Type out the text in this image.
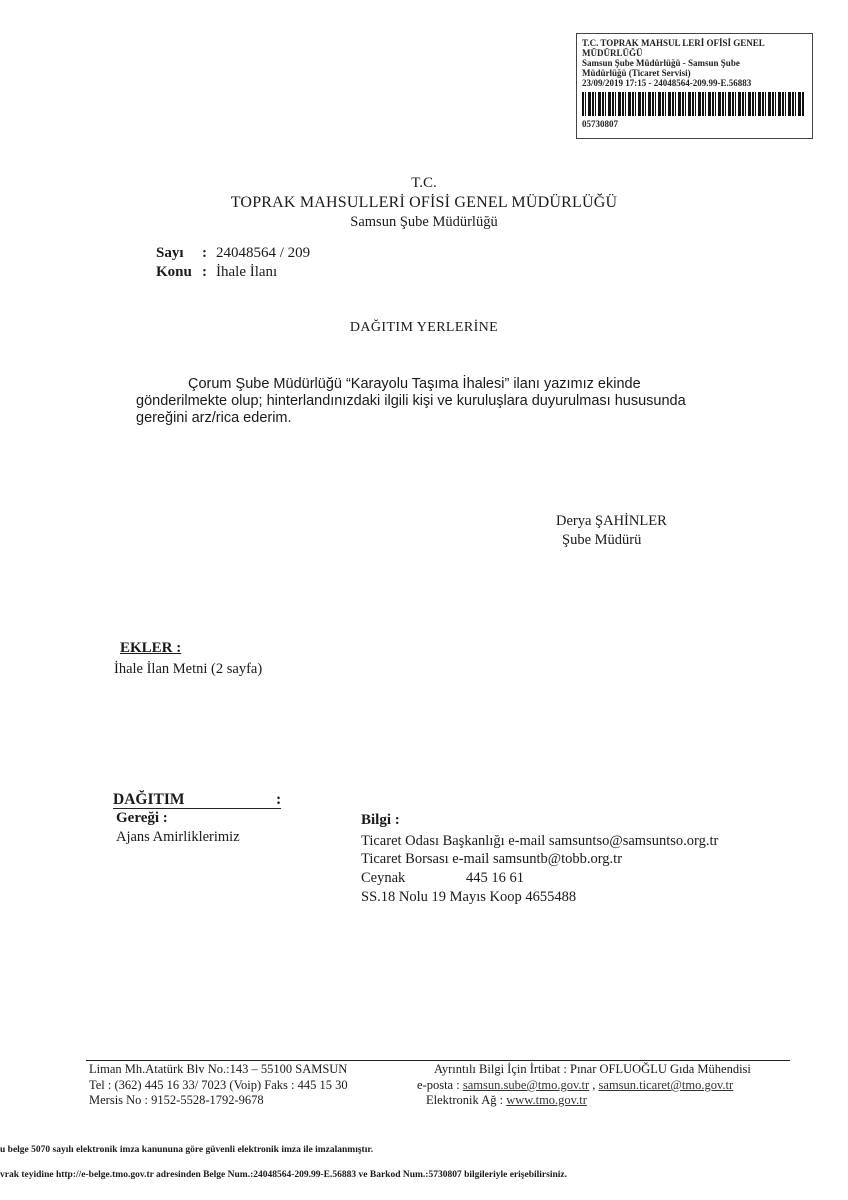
T.C. TOPRAK MAHSUL LERİ OFİSİ GENEL
MÜDÜRLÜĞÜ
Samsun Şube Müdürlüğü - Samsun Şube
Müdürlüğü (Ticaret Servisi)
23/09/2019 17:15 - 24048564-209.99-E.56883
05730807
T.C.
TOPRAK MAHSULLERİ OFİSİ GENEL MÜDÜRLÜĞÜ
Samsun Şube Müdürlüğü
Sayı : 24048564 / 209
Konu : İhale İlanı
DAĞITIM YERLERİNE
Çorum Şube Müdürlüğü “Karayolu Taşıma İhalesi” ilanı yazımız ekinde
gönderilmekte olup; hinterlandınızdaki ilgili kişi ve kuruluşlara duyurulması hususunda
gereğini arz/rica ederim.
Derya ŞAHİNLER
Şube Müdürü
EKLER :
İhale İlan Metni (2 sayfa)
DAĞITIM	:
Gereği :
Ajans Amirliklerimiz
Bilgi :
Ticaret Odası Başkanlığı e-mail samsuntso@samsuntso.org.tr
Ticaret Borsası e-mail samsuntb@tobb.org.tr
Ceynak	445 16 61
SS.18 Nolu 19 Mayıs Koop 4655488
Liman Mh.Atatürk Blv No.:143 – 55100 SAMSUN
Tel : (362) 445 16 33/ 7023 (Voip) Faks : 445 15 30
Mersis No : 9152-5528-1792-9678
Ayrıntılı Bilgi İçin İrtibat : Pınar OFLUOĞLU Gıda Mühendisi
e-posta : samsun.sube@tmo.gov.tr , samsun.ticaret@tmo.gov.tr
Elektronik Ağ : www.tmo.gov.tr
u belge 5070 sayılı elektronik imza kanununa göre güvenli elektronik imza ile imzalanmıştır.
vrak teyidine http://e-belge.tmo.gov.tr adresinden Belge Num.:24048564-209.99-E.56883 ve Barkod Num.:5730807 bilgileriyle erişebilirsiniz.
